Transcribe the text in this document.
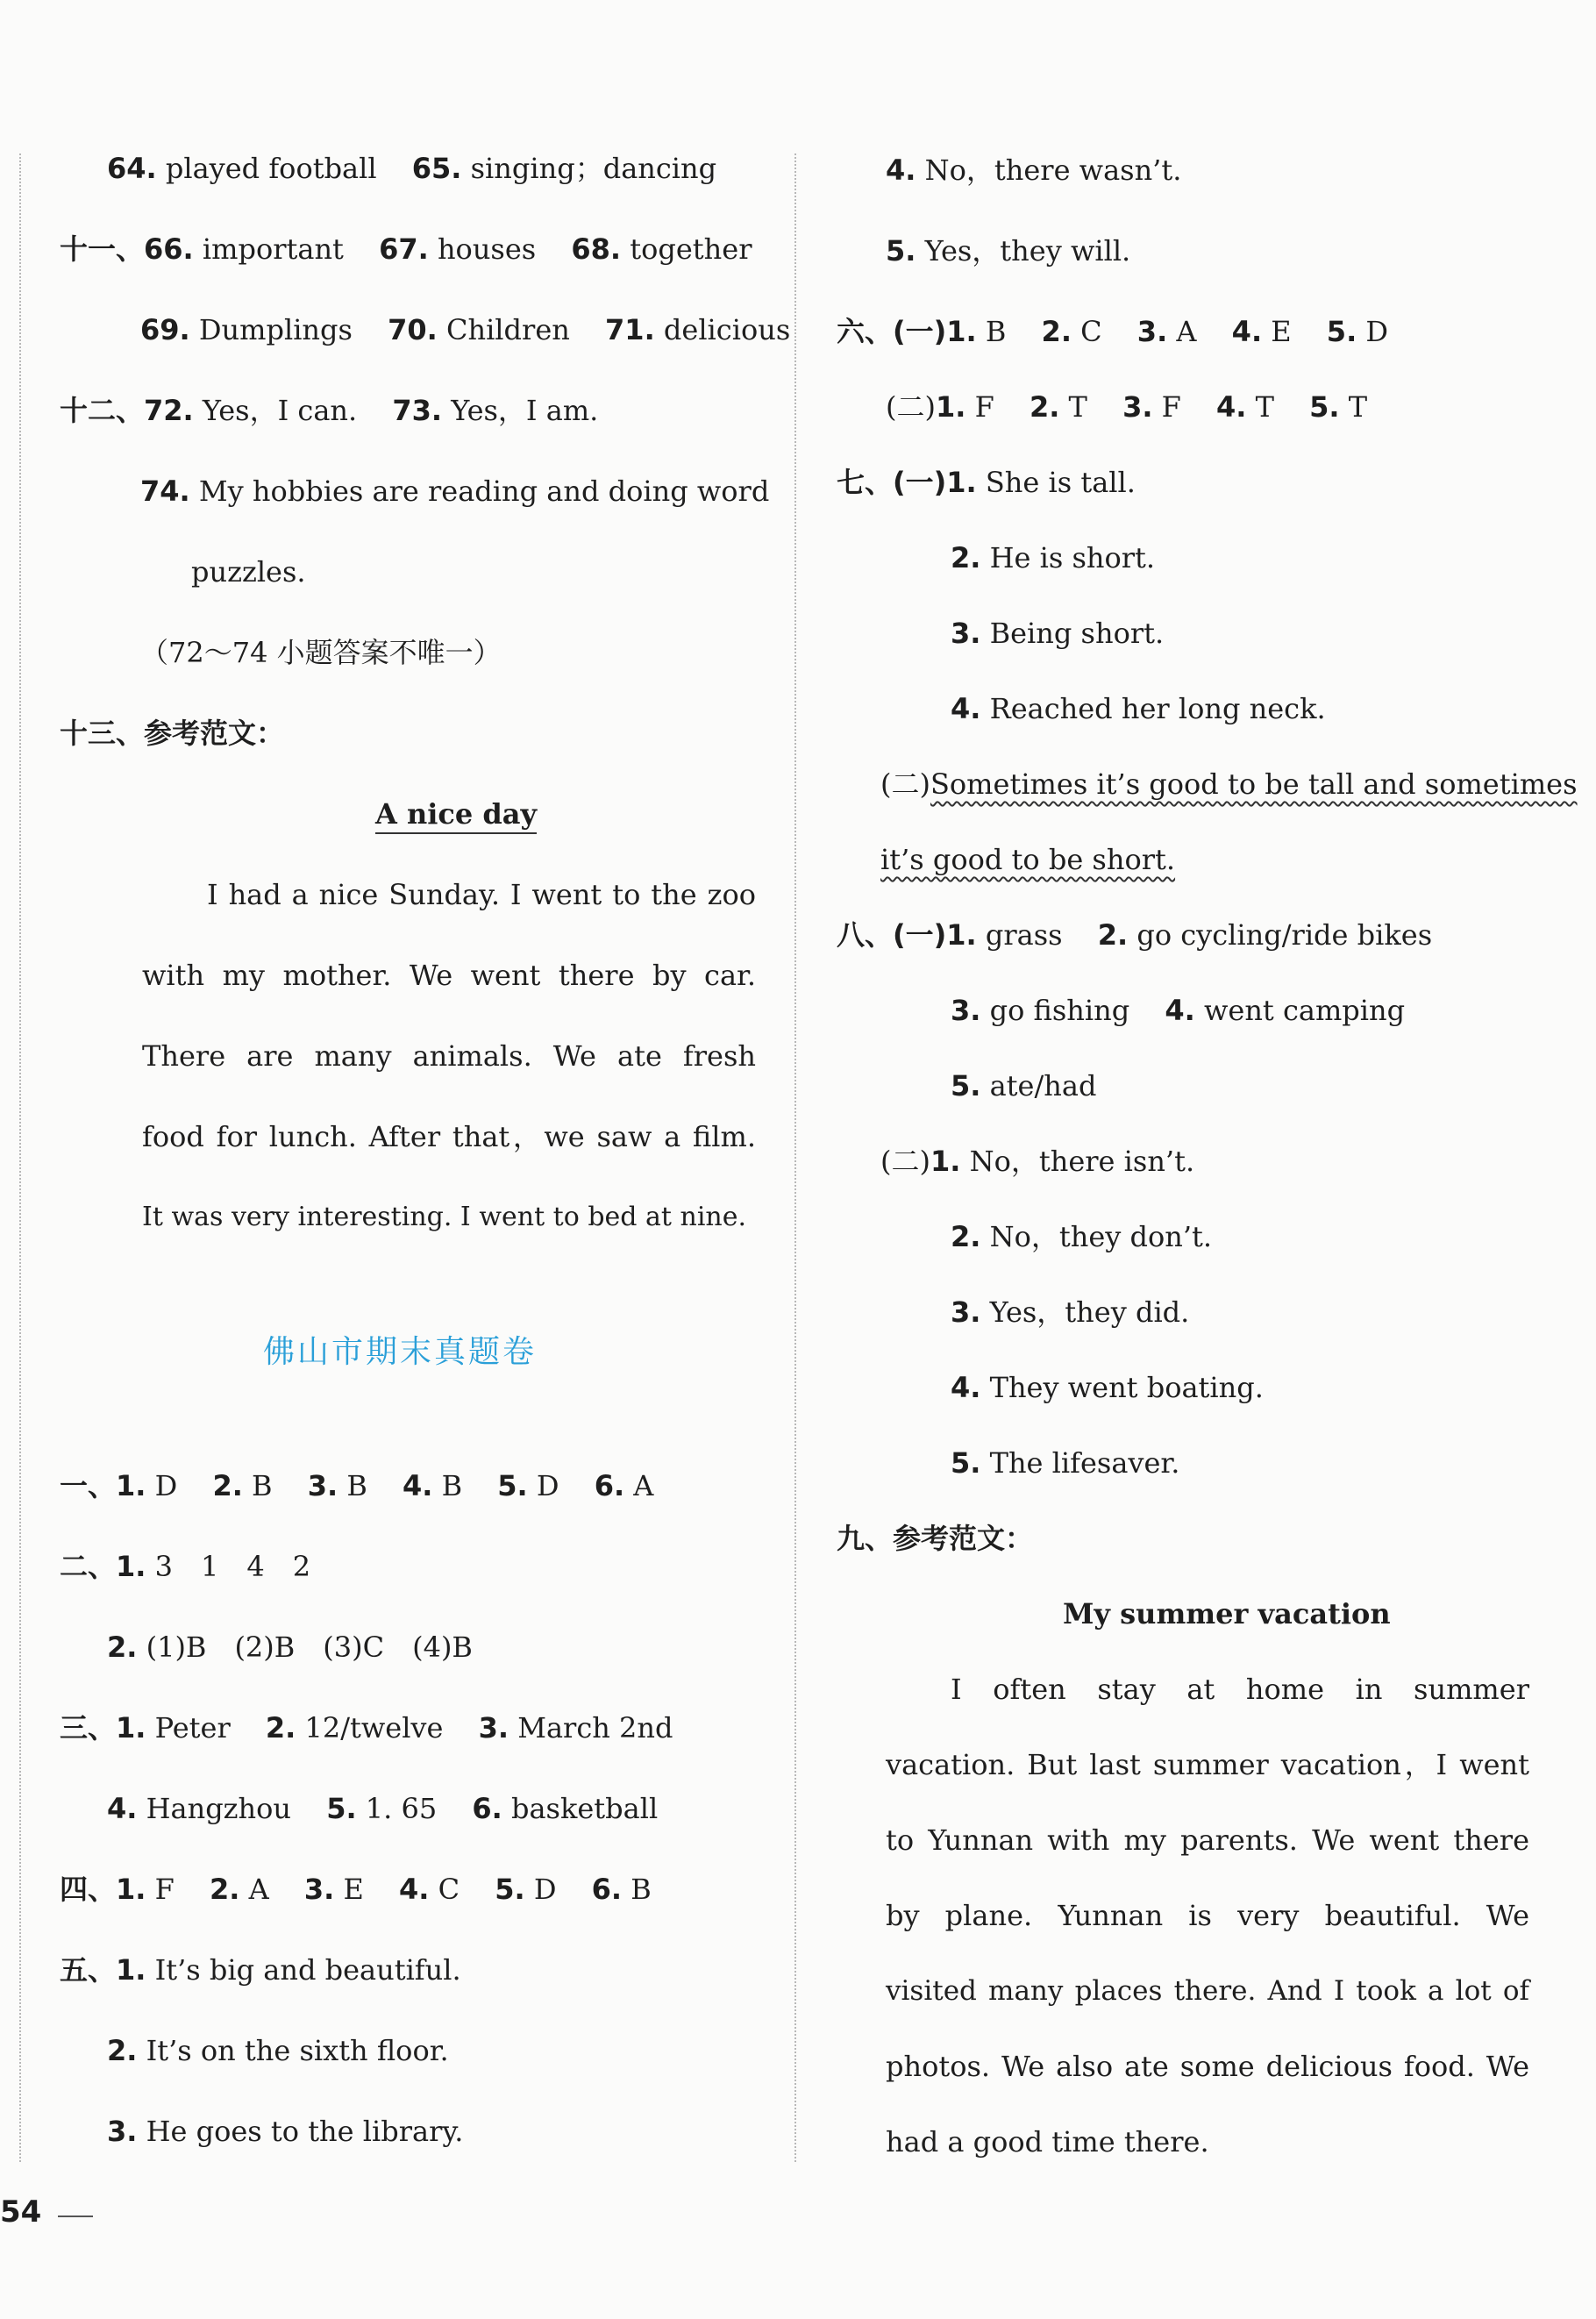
64. played football 65. singing；dancing
十一、66. important 67. houses 68. together
69. Dumplings 70. Children 71. delicious
十二、72. Yes，I can. 73. Yes，I am.
74. My hobbies are reading and doing word
puzzles.
（72～74 小题答案不唯一）
十三、参考范文：
A nice day
I had a nice Sunday. I went to the zoo
with my mother. We went there by car.
There are many animals. We ate fresh
food for lunch. After that，we saw a film.
It was very interesting. I went to bed at nine.
佛山市期末真题卷
一、1. D 2. B 3. B 4. B 5. D 6. A
二、1. 3　1　4　2
2. (1)B　(2)B　(3)C　(4)B
三、1. Peter 2. 12/twelve 3. March 2nd
4. Hangzhou 5. 1. 65 6. basketball
四、1. F 2. A 3. E 4. C 5. D 6. B
五、1. It’s big and beautiful.
2. It’s on the sixth floor.
3. He goes to the library.
4. No，there wasn’t.
5. Yes，they will.
六、(一)1. B 2. C 3. A 4. E 5. D
(二)1. F 2. T 3. F 4. T 5. T
七、(一)1. She is tall.
2. He is short.
3. Being short.
4. Reached her long neck.
(二)Sometimes it’s good to be tall and sometimes
it’s good to be short.
八、(一)1. grass 2. go cycling/ride bikes
3. go fishing 4. went camping
5. ate/had
(二)1. No，there isn’t.
2. No，they don’t.
3. Yes，they did.
4. They went boating.
5. The lifesaver.
九、参考范文：
My summer vacation
I often stay at home in summer
vacation. But last summer vacation，I went
to Yunnan with my parents. We went there
by plane. Yunnan is very beautiful. We
visited many places there. And I took a lot of
photos. We also ate some delicious food. We
had a good time there.
54
